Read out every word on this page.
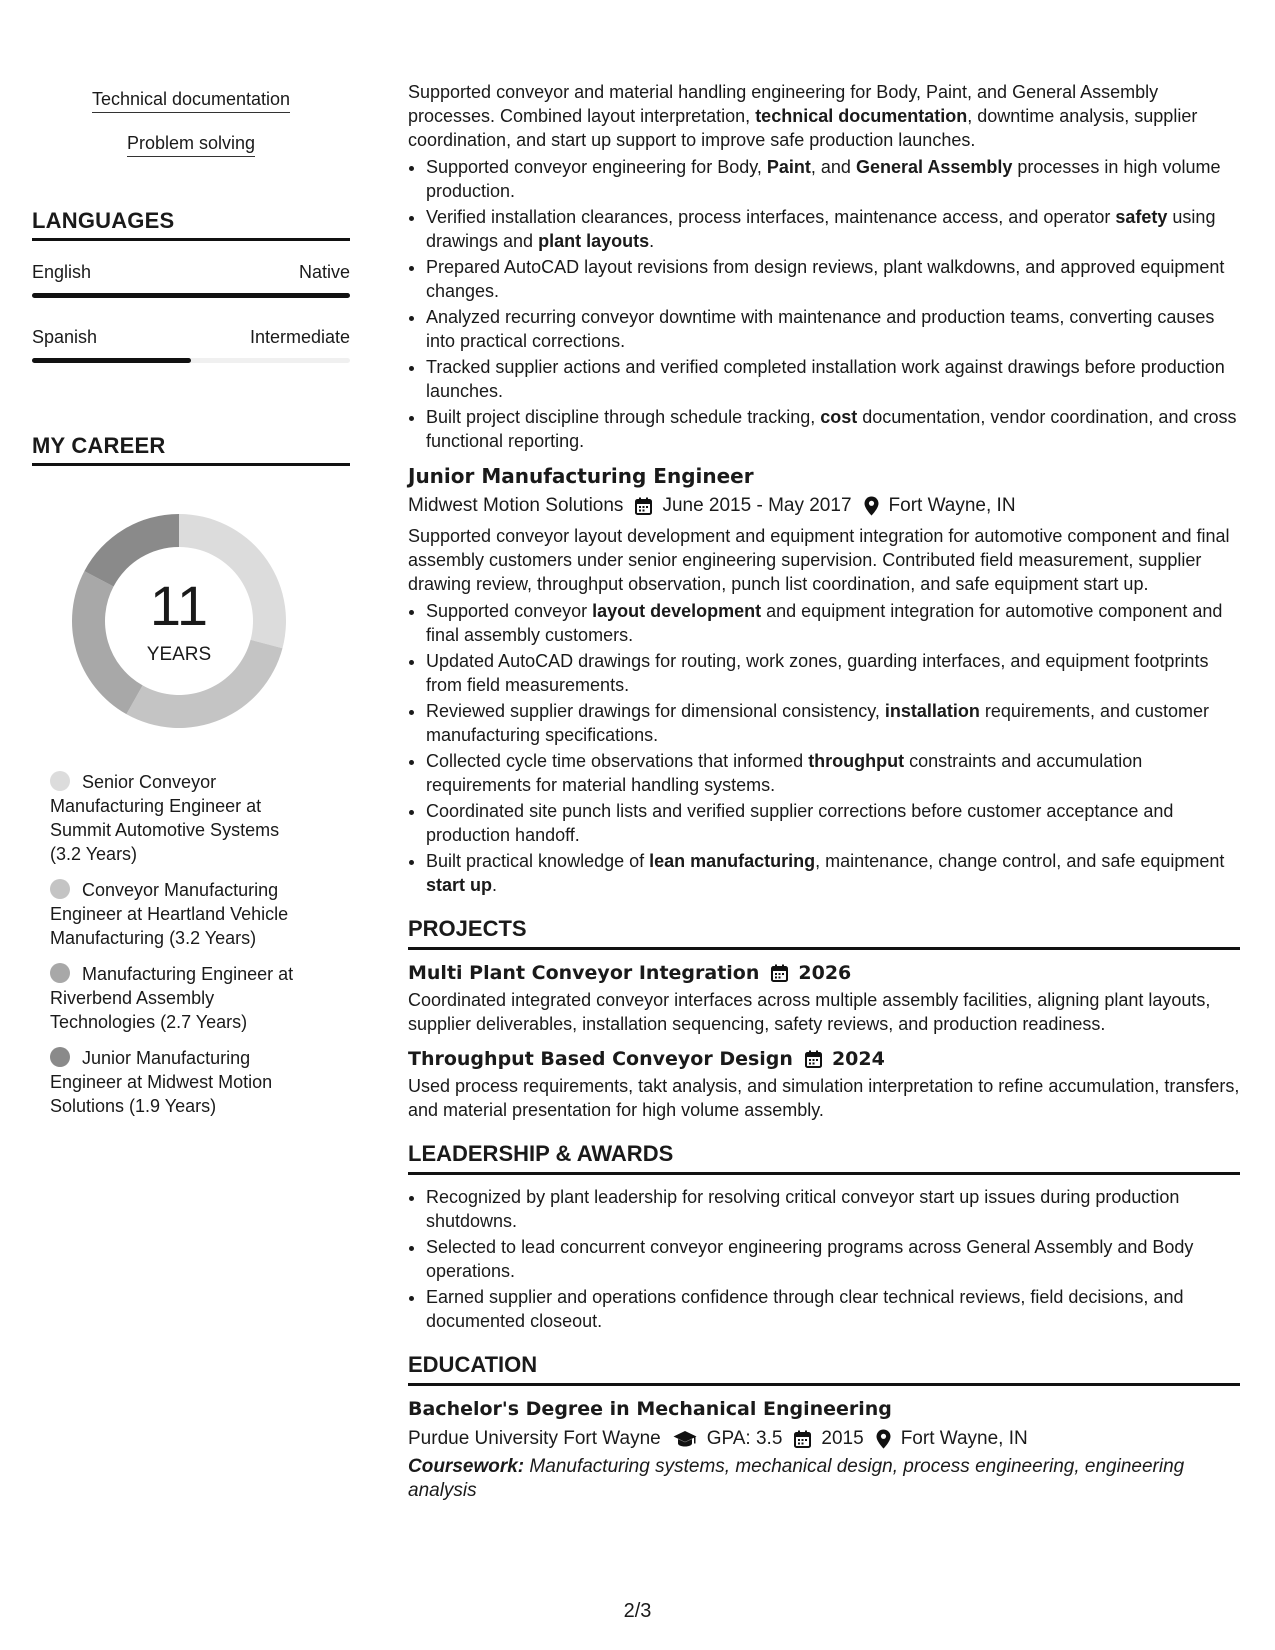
Technical documentation
Problem solving
LANGUAGES
English	Native
Spanish	Intermediate
MY CAREER
11
YEARS
Senior Conveyor Manufacturing Engineer at Summit Automotive Systems (3.2 Years)
Conveyor Manufacturing Engineer at Heartland Vehicle Manufacturing (3.2 Years)
Manufacturing Engineer at Riverbend Assembly Technologies (2.7 Years)
Junior Manufacturing Engineer at Midwest Motion Solutions (1.9 Years)

Supported conveyor and material handling engineering for Body, Paint, and General Assembly processes. Combined layout interpretation, technical documentation, downtime analysis, supplier coordination, and start up support to improve safe production launches.

• Supported conveyor engineering for Body, Paint, and General Assembly processes in high volume production.
• Verified installation clearances, process interfaces, maintenance access, and operator safety using drawings and plant layouts.
• Prepared AutoCAD layout revisions from design reviews, plant walkdowns, and approved equipment changes.
• Analyzed recurring conveyor downtime with maintenance and production teams, converting causes into practical corrections.
• Tracked supplier actions and verified completed installation work against drawings before production launches.
• Built project discipline through schedule tracking, cost documentation, vendor coordination, and cross functional reporting.
Junior Manufacturing Engineer
Midwest Motion Solutions June 2015 - May 2017 Fort Wayne, IN

Supported conveyor layout development and equipment integration for automotive component and final assembly customers under senior engineering supervision. Contributed field measurement, supplier drawing review, throughput observation, punch list coordination, and safe equipment start up.

• Supported conveyor layout development and equipment integration for automotive component and final assembly customers.
• Updated AutoCAD drawings for routing, work zones, guarding interfaces, and equipment footprints from field measurements.
• Reviewed supplier drawings for dimensional consistency, installation requirements, and customer manufacturing specifications.
• Collected cycle time observations that informed throughput constraints and accumulation requirements for material handling systems.
• Coordinated site punch lists and verified supplier corrections before customer acceptance and production handoff.
• Built practical knowledge of lean manufacturing, maintenance, change control, and safe equipment start up.
PROJECTS
Multi Plant Conveyor Integration 2026

Coordinated integrated conveyor interfaces across multiple assembly facilities, aligning plant layouts, supplier deliverables, installation sequencing, safety reviews, and production readiness.

Throughput Based Conveyor Design 2024

Used process requirements, takt analysis, and simulation interpretation to refine accumulation, transfers, and material presentation for high volume assembly.

LEADERSHIP & AWARDS
• Recognized by plant leadership for resolving critical conveyor start up issues during production shutdowns.
• Selected to lead concurrent conveyor engineering programs across General Assembly and Body operations.
• Earned supplier and operations confidence through clear technical reviews, field decisions, and documented closeout.
EDUCATION
Bachelor's Degree in Mechanical Engineering
Purdue University Fort Wayne GPA: 3.5 2015 Fort Wayne, IN

Coursework: Manufacturing systems, mechanical design, process engineering, engineering analysis

2/3
